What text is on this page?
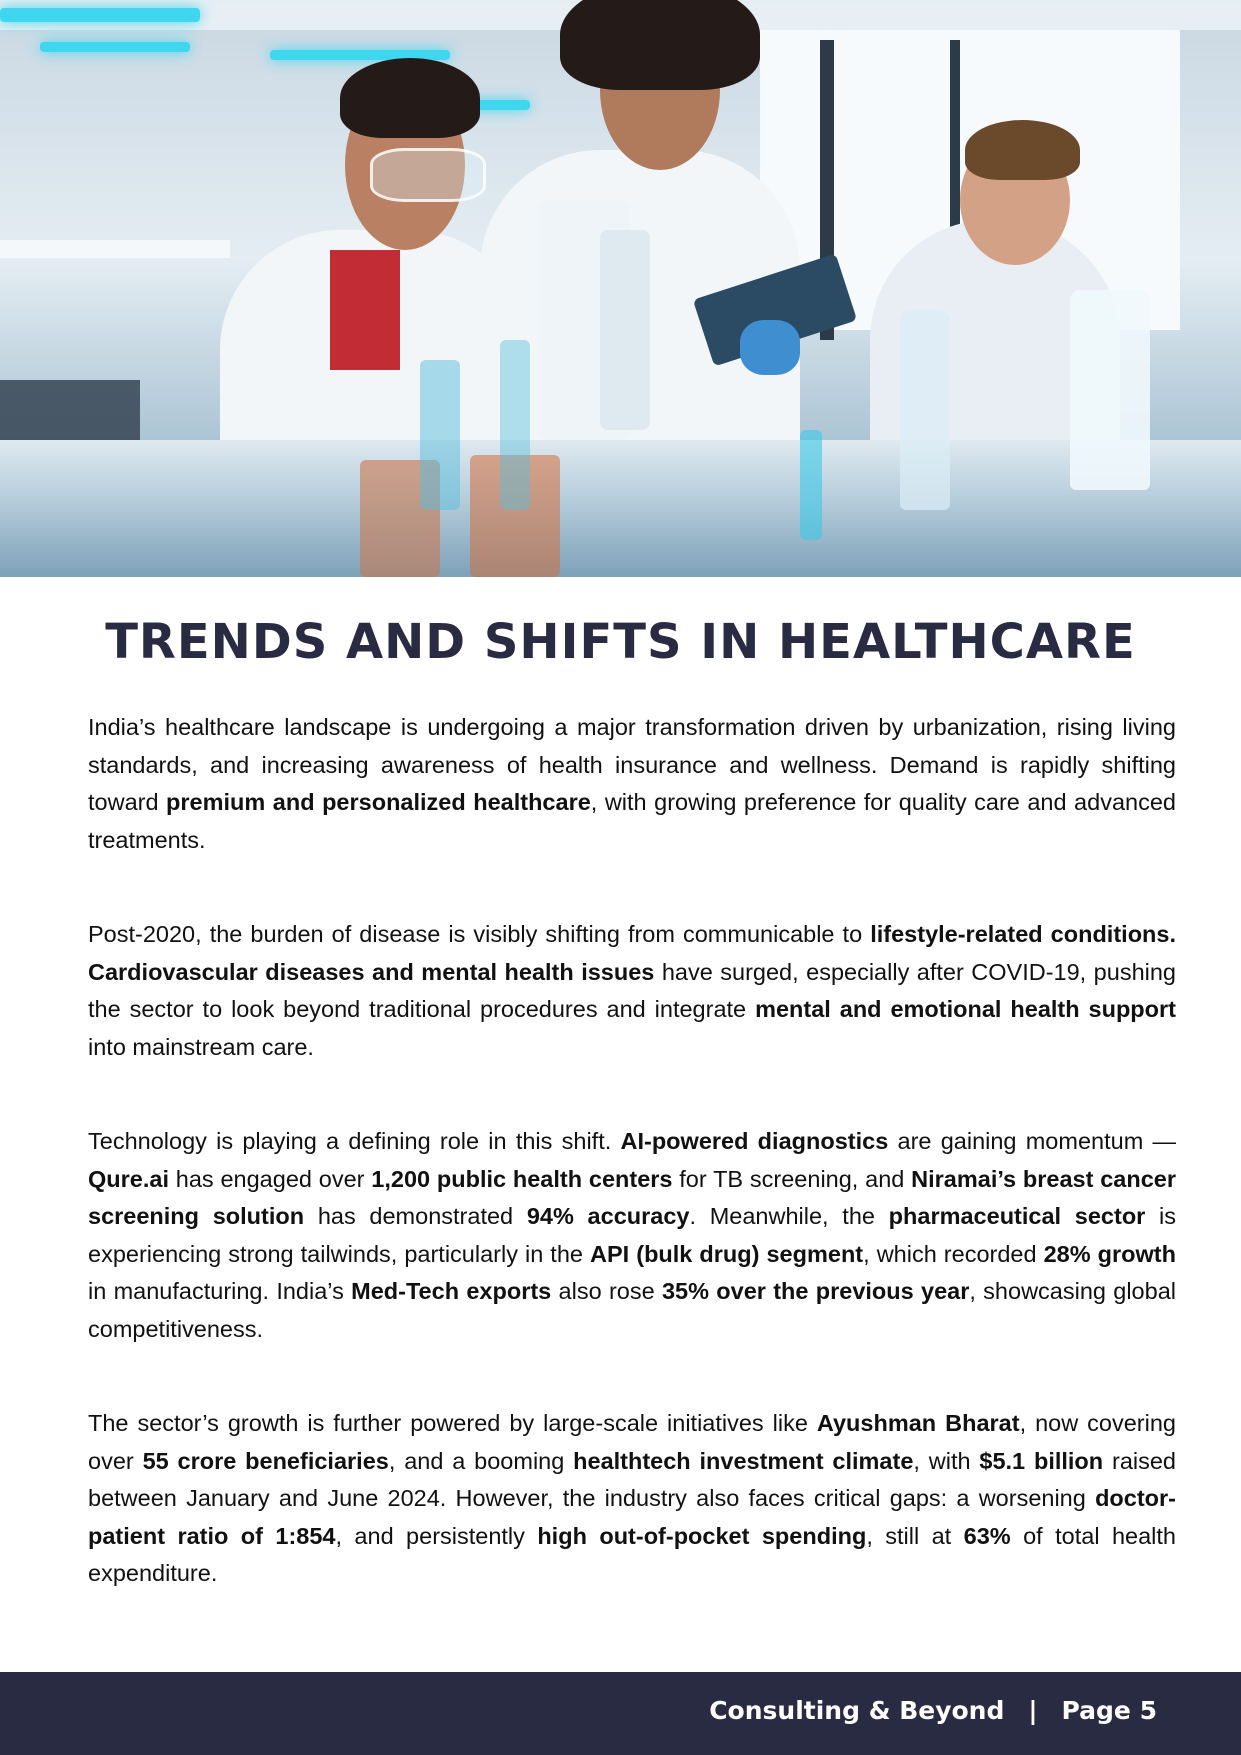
TRENDS AND SHIFTS IN HEALTHCARE

India’s healthcare landscape is undergoing a major transformation driven by urbanization, rising living standards, and increasing awareness of health insurance and wellness. Demand is rapidly shifting toward premium and personalized healthcare, with growing preference for quality care and advanced treatments.

Post-2020, the burden of disease is visibly shifting from communicable to lifestyle-related conditions. Cardiovascular diseases and mental health issues have surged, especially after COVID-19, pushing the sector to look beyond traditional procedures and integrate mental and emotional health support into mainstream care.

Technology is playing a defining role in this shift. AI-powered diagnostics are gaining momentum — Qure.ai has engaged over 1,200 public health centers for TB screening, and Niramai’s breast cancer screening solution has demonstrated 94% accuracy. Meanwhile, the pharmaceutical sector is experiencing strong tailwinds, particularly in the API (bulk drug) segment, which recorded 28% growth in manufacturing. India’s Med-Tech exports also rose 35% over the previous year, showcasing global competitiveness.

The sector’s growth is further powered by large-scale initiatives like Ayushman Bharat, now covering over 55 crore beneficiaries, and a booming healthtech investment climate, with $5.1 billion raised between January and June 2024. However, the industry also faces critical gaps: a worsening doctor-patient ratio of 1:854, and persistently high out-of-pocket spending, still at 63% of total health expenditure.

Consulting & Beyond | Page 5
